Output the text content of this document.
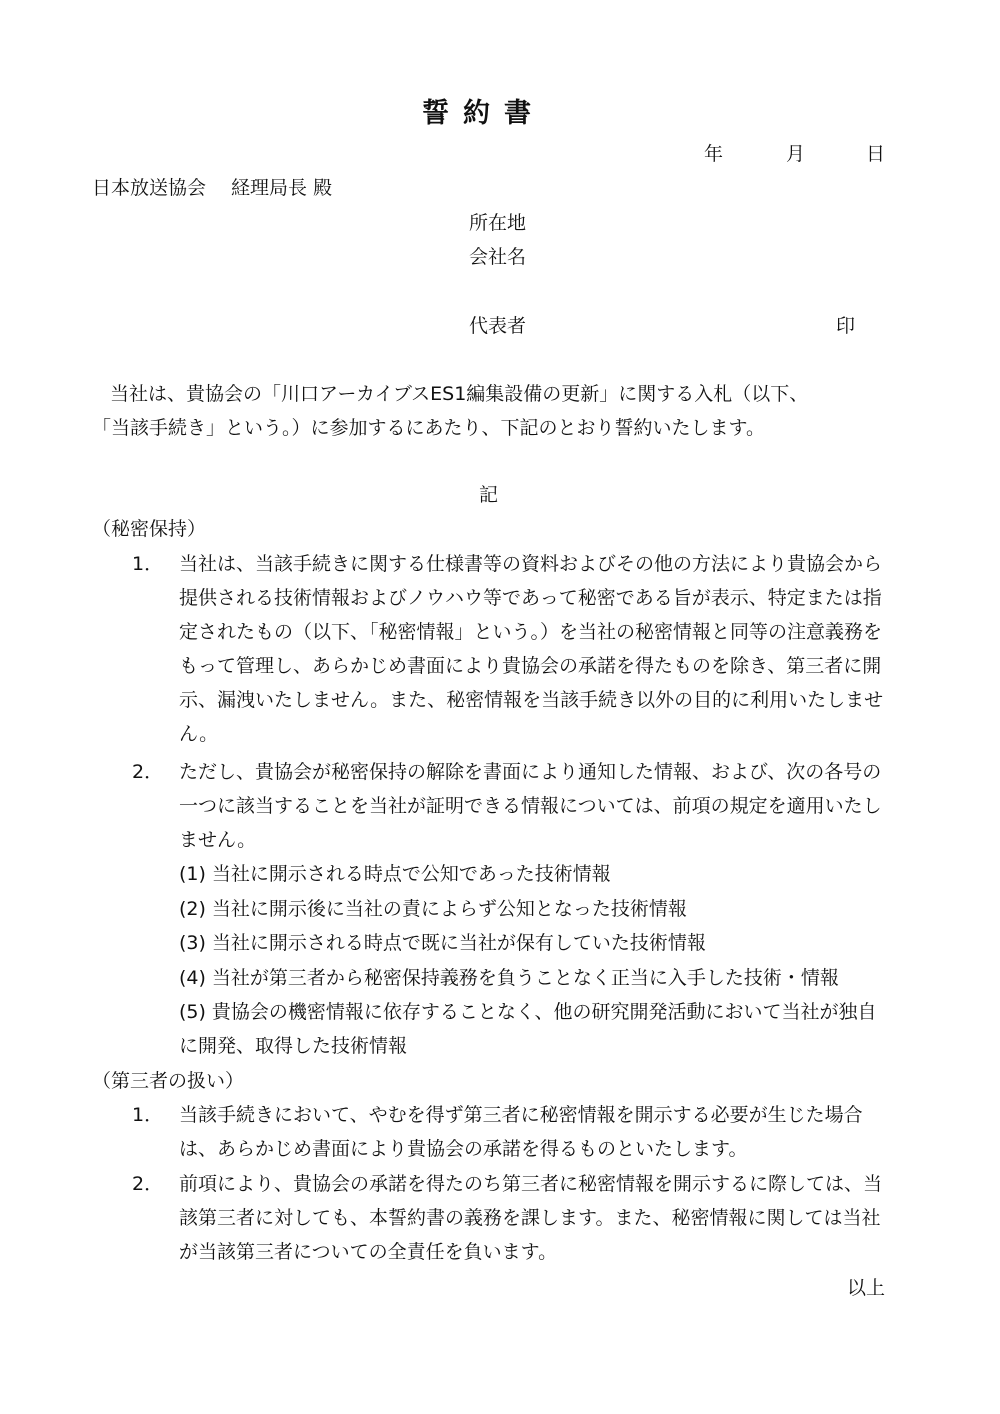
誓約書
年	月	日
日本放送協会　 経理局長 殿
所在地
会社名
代表者	印
当社は、貴協会の「川口アーカイブスES1編集設備の更新」に関する入札（以下、
「当該手続き」という。）に参加するにあたり、下記のとおり誓約いたします。
記
（秘密保持）
1． 当社は、当該手続きに関する仕様書等の資料およびその他の方法により貴協会から提供される技術情報およびノウハウ等であって秘密である旨が表示、特定または指定されたもの（以下、「秘密情報」という。）を当社の秘密情報と同等の注意義務をもって管理し、あらかじめ書面により貴協会の承諾を得たものを除き、第三者に開示、漏洩いたしません。また、秘密情報を当該手続き以外の目的に利用いたしません。
2． ただし、貴協会が秘密保持の解除を書面により通知した情報、および、次の各号の一つに該当することを当社が証明できる情報については、前項の規定を適用いたしません。
(1) 当社に開示される時点で公知であった技術情報
(2) 当社に開示後に当社の責によらず公知となった技術情報
(3) 当社に開示される時点で既に当社が保有していた技術情報
(4) 当社が第三者から秘密保持義務を負うことなく正当に入手した技術・情報
(5) 貴協会の機密情報に依存することなく、他の研究開発活動において当社が独自に開発、取得した技術情報
（第三者の扱い）
1． 当該手続きにおいて、やむを得ず第三者に秘密情報を開示する必要が生じた場合は、あらかじめ書面により貴協会の承諾を得るものといたします。
2． 前項により、貴協会の承諾を得たのち第三者に秘密情報を開示するに際しては、当該第三者に対しても、本誓約書の義務を課します。また、秘密情報に関しては当社が当該第三者についての全責任を負います。
以上
